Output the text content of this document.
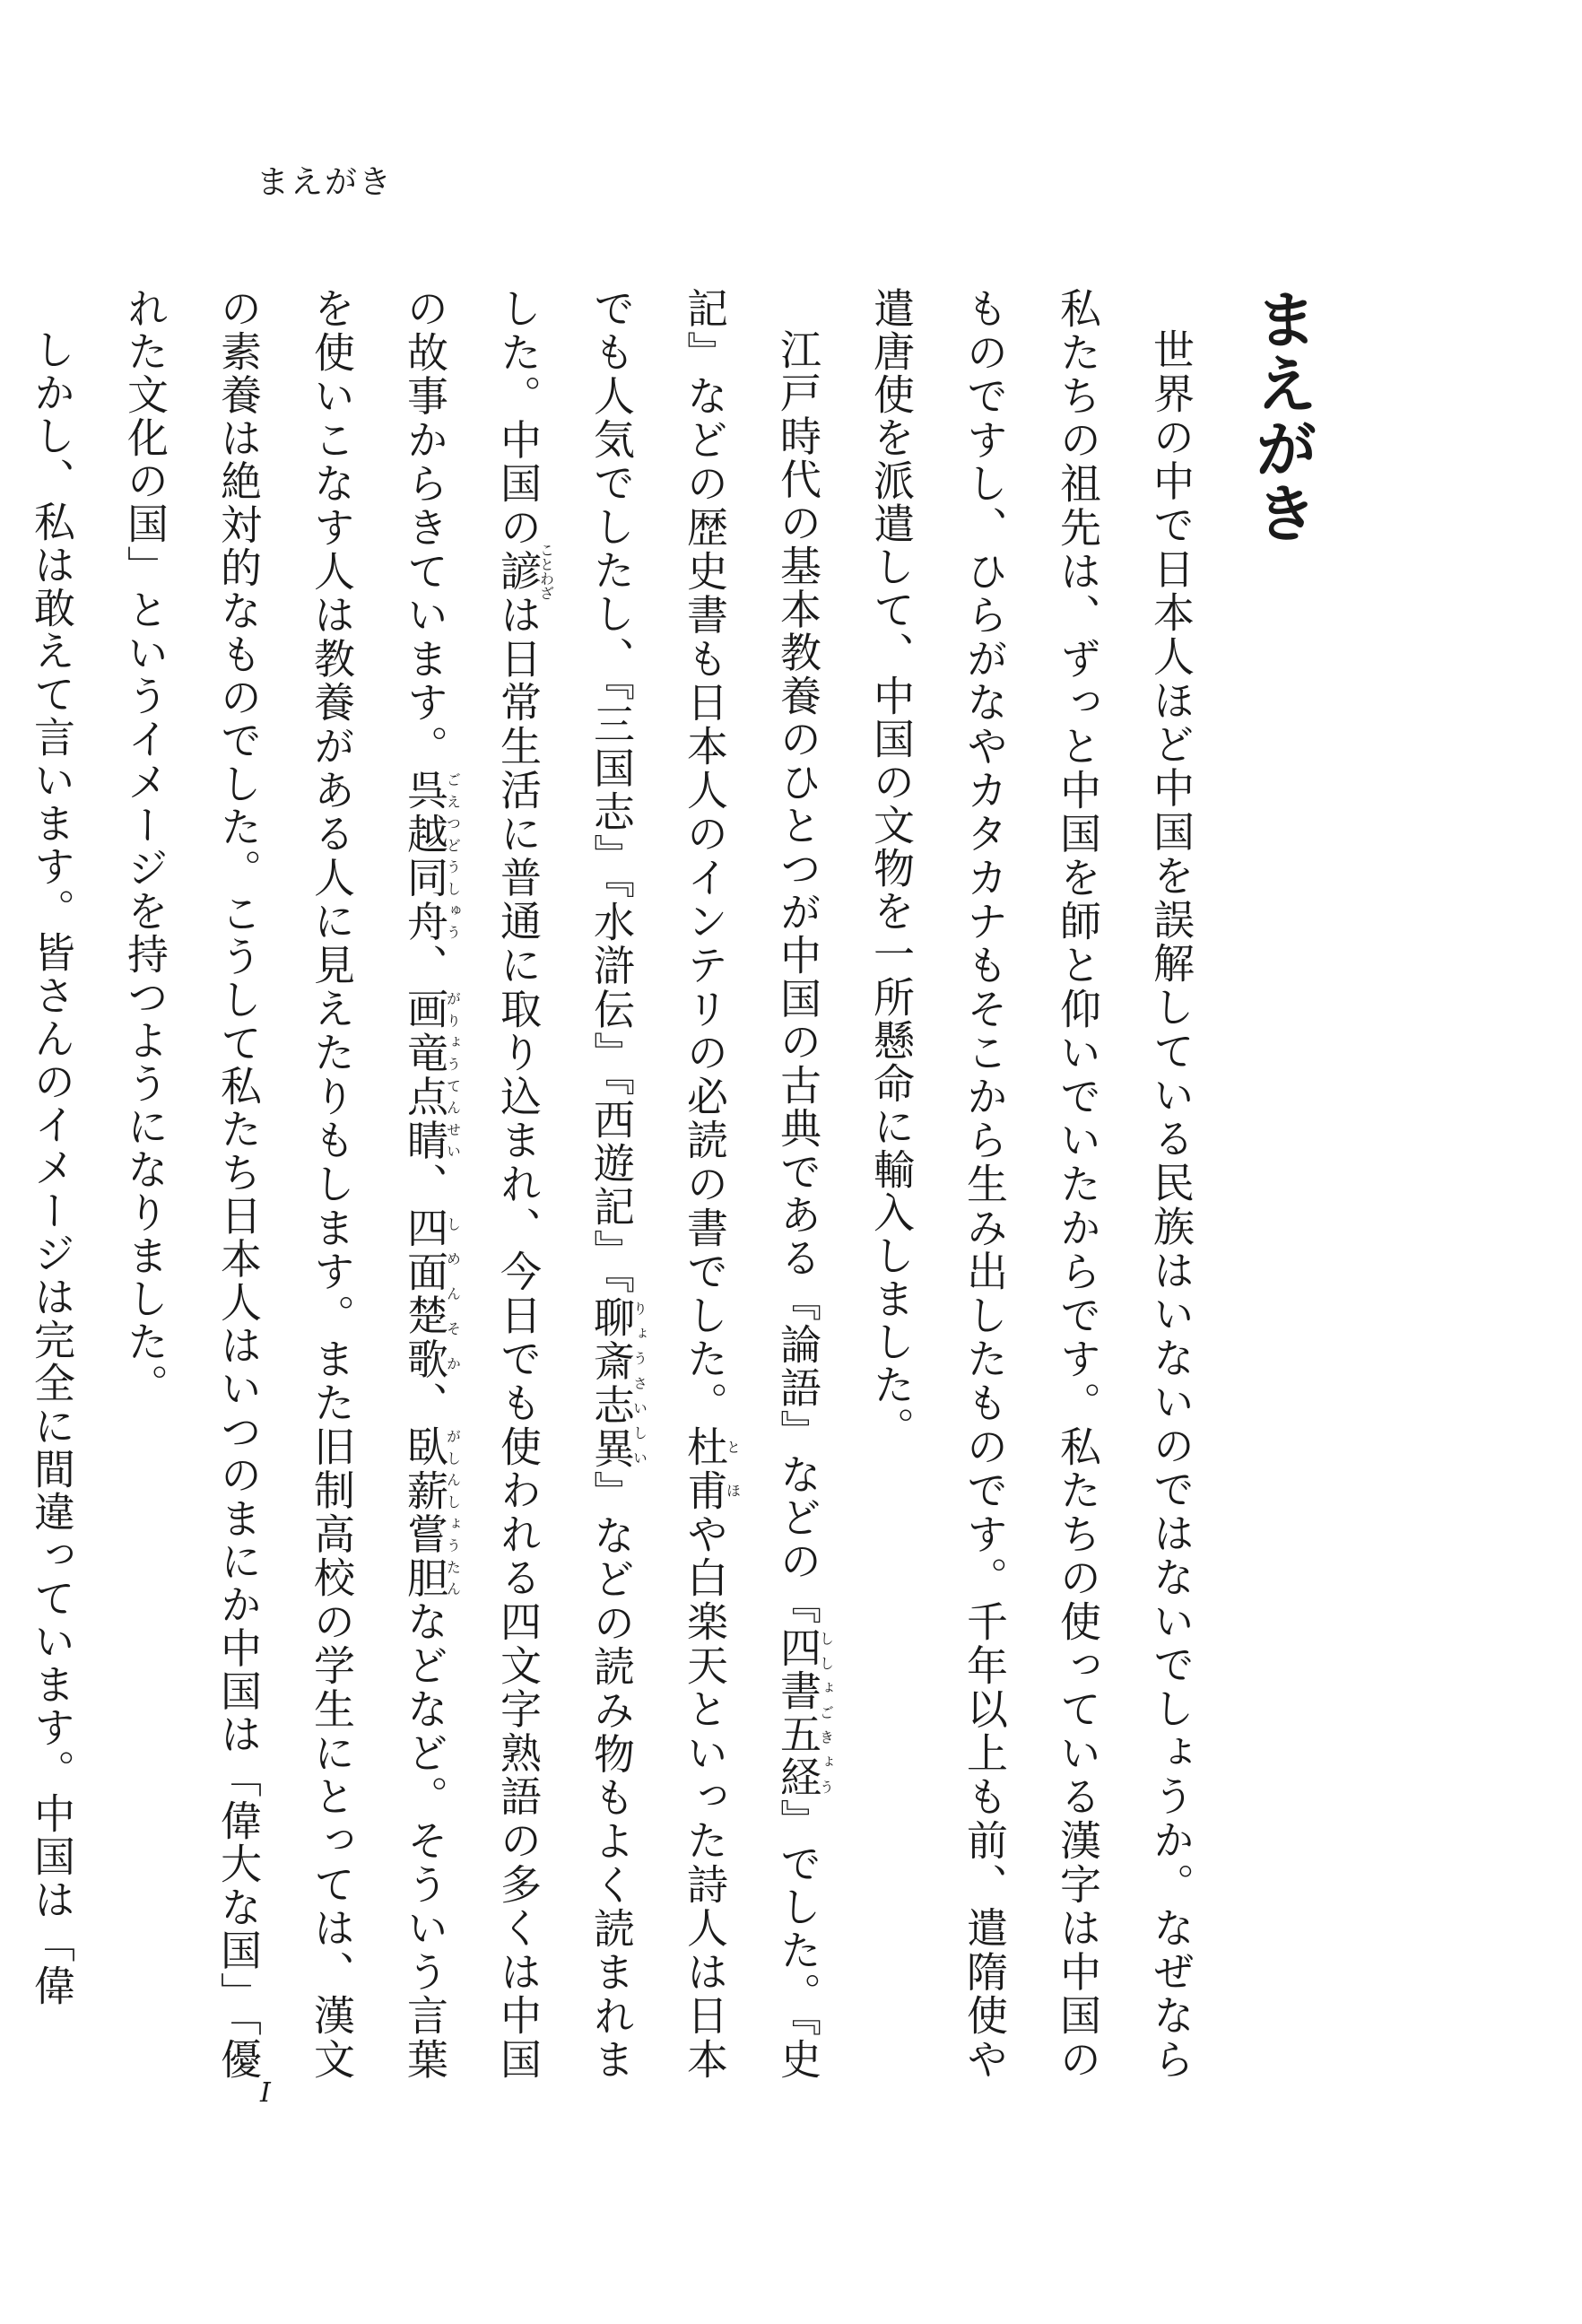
まえがき
まえがき

世界の中で日本人ほど中国を誤解している民族はいないのではないでしょうか。なぜなら私たちの祖先は、ずっと中国を師と仰いでいたからです。私たちの使っている漢字は中国のものですし、ひらがなやカタカナもそこから生み出したものです。千年以上も前、遣隋使や遣唐使を派遣して、中国の文物を一所懸命に輸入しました。

江戸時代の基本教養のひとつが中国の古典である『論語』などの『四書五経ししょごきょう』でした。『史記』などの歴史書も日本人のインテリの必読の書でした。杜甫とほや白楽天といった詩人は日本でも人気でしたし、『三国志』『水滸伝』『西遊記』『聊斎志異りょうさいしい』などの読み物もよく読まれました。中国の諺ことわざは日常生活に普通に取り込まれ、今日でも使われる四文字熟語の多くは中国の故事からきています。呉越同舟ごえつどうしゅう、画竜点睛がりょうてんせい、四面楚歌しめんそか、臥薪嘗胆がしんしょうたんなどなど。そういう言葉を使いこなす人は教養がある人に見えたりもします。また旧制高校の学生にとっては、漢文の素養は絶対的なものでした。こうして私たち日本人はいつのまにか中国は「偉大な国」「優れた文化の国」というイメージを持つようになりました。

しかし、私は敢えて言います。皆さんのイメージは完全に間違っています。中国は「偉

I
